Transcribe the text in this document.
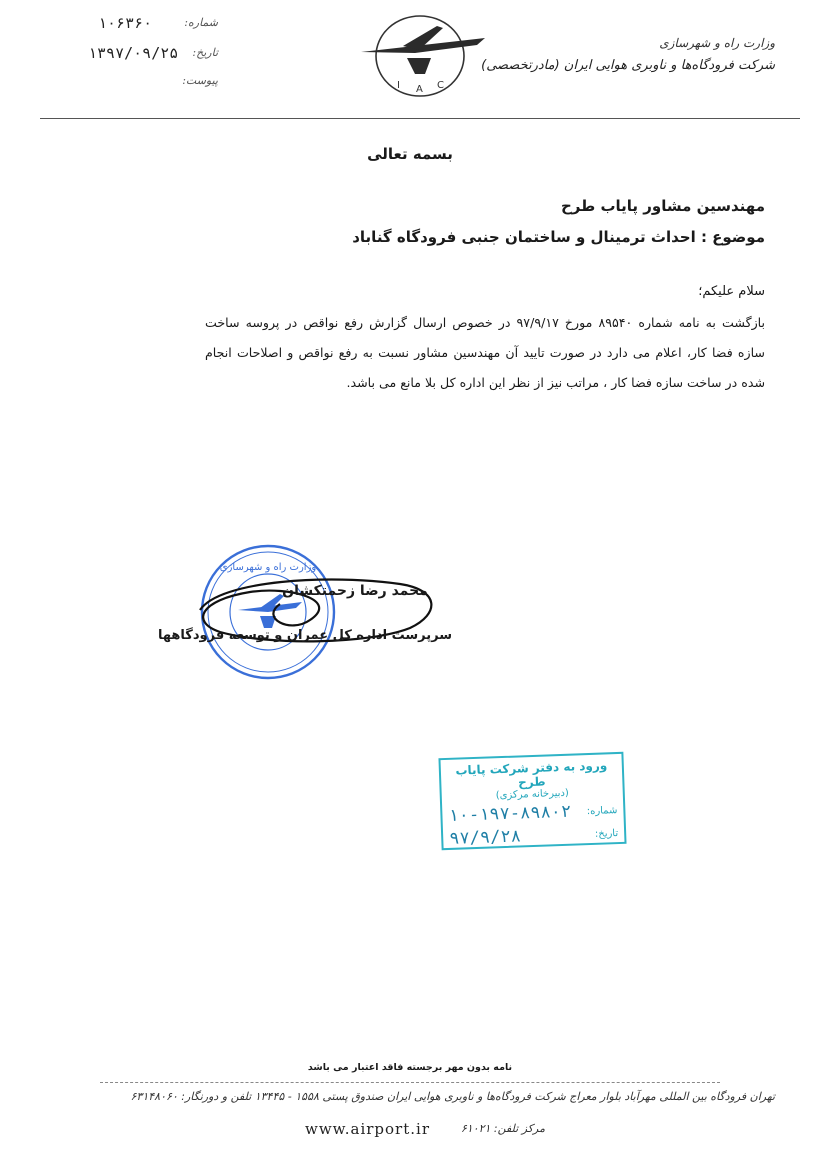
۱۰۶۳۶۰	شماره:
۱۳۹۷/۰۹/۲۵ تاریخ:
پیوست:	I A C
وزارت راه و شهرسازی
شرکت فرودگاه‌ها و ناوبری هوایی ایران (مادرتخصصی)
بسمه تعالی
مهندسین مشاور پایاب طرح
موضوع : احداث ترمینال و ساختمان جنبی فرودگاه گناباد
سلام علیکم؛
بازگشت به نامه شماره ۸۹۵۴۰ مورخ ۹۷/۹/۱۷ در خصوص ارسال گزارش رفع نواقص در پروسه ساخت سازه فضا کار، اعلام می دارد در صورت تایید آن مهندسین مشاور نسبت به رفع نواقص و اصلاحات انجام شده در ساخت سازه فضا کار ، مراتب نیز از نظر این اداره کل بلا مانع می باشد.
وزارت راه و شهرسازی
محمد رضا زحمتکشان
سرپرست اداره کل عمران و توسعه فرودگاهها
ورود به دفتر شرکت پایاب طرح
(دبیرخانه مرکزی)
شماره:
۱۰-۱۹۷-۸۹۸۰۲
تاریخ:
۹۷/۹/۲۸
نامه بدون مهر برجسته فاقد اعتبار می باشد
تهران فرودگاه بین المللی مهرآباد بلوار معراج شرکت فرودگاه‌ها و ناوبری هوایی ایران صندوق پستی ۱۵۵۸ - ۱۳۴۴۵ تلفن و دورنگار: ۶۳۱۴۸۰۶۰
www.airport.ir	مرکز تلفن: ۶۱۰۲۱
